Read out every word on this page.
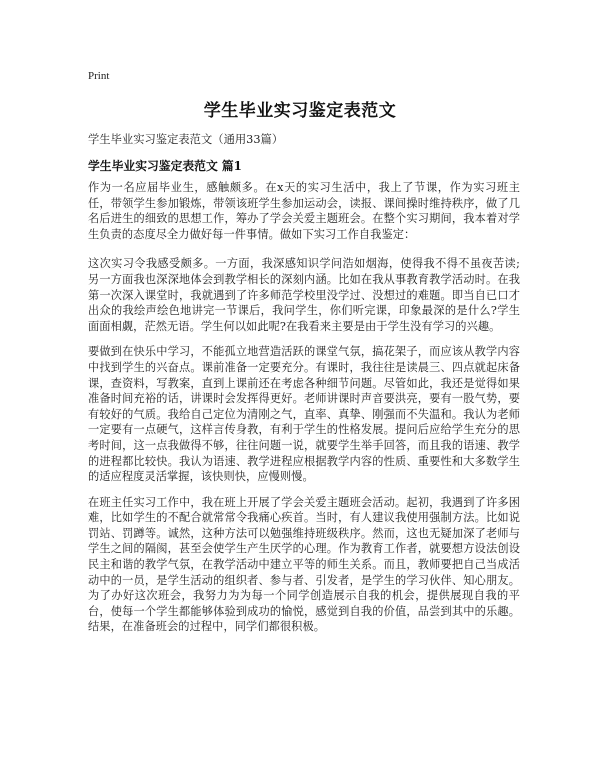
Print
学生毕业实习鉴定表范文

学生毕业实习鉴定表范文（通用33篇）

学生毕业实习鉴定表范文 篇1

作为一名应届毕业生，感触颇多。在x天的实习生活中，我上了节课，作为实习班主任，带领学生参加锻炼，带领该班学生参加运动会，读报、课间操时维持秩序，做了几名后进生的细致的思想工作，筹办了学会关爱主题班会。在整个实习期间，我本着对学生负责的态度尽全力做好每一件事情。做如下实习工作自我鉴定：

这次实习令我感受颇多。一方面，我深感知识学问浩如烟海，使得我不得不虽夜苦读;另一方面我也深深地体会到教学相长的深刻内涵。比如在我从事教育教学活动时。在我第一次深入课堂时，我就遇到了许多师范学校里没学过、没想过的难题。即当自已口才出众的我绘声绘色地讲完一节课后，我问学生，你们听完课，印象最深的是什么?学生面面相觑，茫然无语。学生何以如此呢?在我看来主要是由于学生没有学习的兴趣。

要做到在快乐中学习，不能孤立地营造活跃的课堂气氛，搞花架子，而应该从教学内容中找到学生的兴奋点。课前准备一定要充分。有课时，我往往是读晨三、四点就起床备课，查资料，写教案，直到上课前还在考虑各种细节问题。尽管如此，我还是觉得如果准备时间充裕的话，讲课时会发挥得更好。老师讲课时声音要洪亮，要有一股气势，要有较好的气质。我给自己定位为清刚之气，直率、真挚、刚强而不失温和。我认为老师一定要有一点硬气，这样言传身教，有利于学生的性格发展。提问后应给学生充分的思考时间，这一点我做得不够，往往问题一说，就要学生举手回答，而且我的语速、教学的进程都比较快。我认为语速、教学进程应根据教学内容的性质、重要性和大多数学生的适应程度灵活掌握，该快则快，应慢则慢。

在班主任实习工作中，我在班上开展了学会关爱主题班会活动。起初，我遇到了许多困难，比如学生的不配合就常常令我痛心疾首。当时，有人建议我使用强制方法。比如说罚站、罚蹲等。诚然，这种方法可以勉强维持班级秩序。然而，这也无疑加深了老师与学生之间的隔阂，甚至会使学生产生厌学的心理。作为教育工作者，就要想方设法创设民主和谐的教学气氛，在教学活动中建立平等的师生关系。而且，教师要把自己当成活动中的一员，是学生活动的组织者、参与者、引发者，是学生的学习伙伴、知心朋友。为了办好这次班会，我努力为为每一个同学创造展示自我的机会，提供展现自我的平台，使每一个学生都能够体验到成功的愉悦，感觉到自我的价值，品尝到其中的乐趣。结果，在准备班会的过程中，同学们都很积极。
